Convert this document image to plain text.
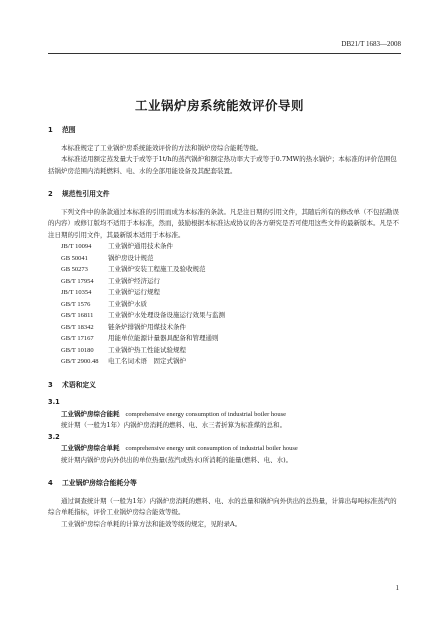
DB21/T 1683—2008
工业锅炉房系统能效评价导则
1 范围

本标准规定了工业锅炉房系统能效评价的方法和锅炉房综合能耗等级。

本标准适用额定蒸发量大于或等于1t/h的蒸汽锅炉和额定热功率大于或等于0.7MW的热水锅炉；本标准的评价范围包括锅炉房范围内消耗燃料、电、水的全部用能设备及其配套装置。

2 规范性引用文件

下列文件中的条款通过本标准的引用而成为本标准的条款。凡是注日期的引用文件，其随后所有的修改单（不包括勘误的内容）或修订版均不适用于本标准，然而，鼓励根据本标准达成协议的各方研究是否可使用这些文件的最新版本。凡是不注日期的引用文件，其最新版本适用于本标准。

JB/T 10094	工业锅炉通用技术条件
GB 50041	锅炉房设计规范
GB 50273	工业锅炉安装工程施工及验收规范
GB/T 17954 工业锅炉经济运行
JB/T 10354	工业锅炉运行规程
GB/T 1576	工业锅炉水质
GB/T 16811 工业锅炉水处理设备设施运行效果与监测
GB/T 18342 链条炉排锅炉用煤技术条件
GB/T 17167 用能单位能源计量器具配备和管理通则
GB/T 10180 工业锅炉热工性能试验规程
GB/T 2900.48 电工名词术语　固定式锅炉
3 术语和定义
3.1
工业锅炉房综合能耗 comprehensive energy consumption of industrial boiler house
统计期（一般为1年）内锅炉房消耗的燃料、电、水三者折算为标准煤的总和。
3.2
工业锅炉房综合单耗 comprehensive energy unit consumption of industrial boiler house
统计期内锅炉房向外供出的单位热量(蒸汽或热水)所消耗的能量(燃料、电、水)。
4 工业锅炉房综合能耗分等

通过调查统计期（一般为1年）内锅炉房消耗的燃料、电、水的总量和锅炉向外供出的总热量，计算出每吨标准蒸汽的综合单耗指标，评价工业锅炉房综合能效等级。

工业锅炉房综合单耗的计算方法和能效等级的规定，见附录A。

1
